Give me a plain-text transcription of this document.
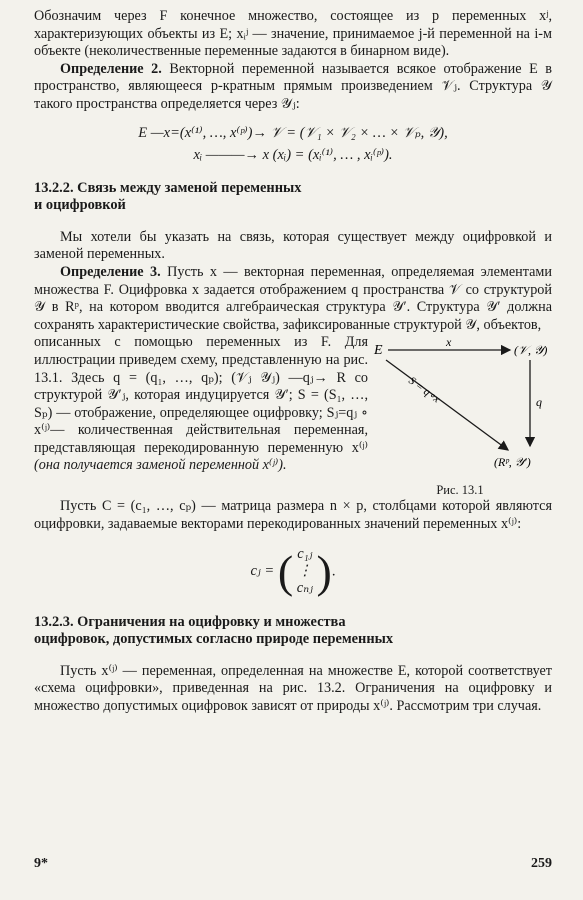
Обозначим через F конечное множество, состоящее из p переменных xʲ, характеризующих объекты из E; xᵢʲ — значение, принимаемое j-й переменной на i-м объекте (неколичественные переменные задаются в бинарном виде).

Определение 2. Векторной переменной называется всякое отображение E в пространство, являющееся p-кратным прямым произведением 𝒱ⱼ. Структура 𝒴 такого пространства определяется через 𝒴ⱼ:

E —x=(x⁽¹⁾, …, x⁽ᵖ⁾)→ 𝒱 = (𝒱₁ × 𝒱₂ × … × 𝒱ₚ, 𝒴),
xᵢ ———→ x (xᵢ) = (xᵢ⁽¹⁾, … , xᵢ⁽ᵖ⁾).

13.2.2. Связь между заменой переменных
и оцифровкой

Мы хотели бы указать на связь, которая существует между оцифровкой и заменой переменных.

Определение 3. Пусть x — векторная переменная, определяемая элементами множества F. Оцифровка x задается отображением q пространства 𝒱 со структурой 𝒴 в Rᵖ, на котором вводится алгебраическая структура 𝒴′. Структура 𝒴′ должна сохранять характеристические свойства, зафиксированные структурой 𝒴, объектов,

E
x
(𝒱, 𝒴)
q
S = q∘x
(Rᵖ, 𝒴′)
Рис. 13.1

описанных с помощью переменных из F. Для иллюстрации приведем схему, представленную на рис. 13.1. Здесь q = (q₁, …, qₚ); (𝒱ⱼ 𝒴ⱼ) —qⱼ→ R со структурой 𝒴′ⱼ, которая индуцируется 𝒴′; S = (S₁, …, Sₚ) — отображение, определяющее оцифровку; Sⱼ=qⱼ ∘ x⁽ʲ⁾— количественная действительная переменная, представляющая перекодированную переменную x⁽ʲ⁾ (она получается заменой переменной x⁽ʲ⁾).

Пусть C = (c₁, …, cₚ) — матрица размера n × p, столбцами которой являются оцифровки, задаваемые векторами перекодированных значений переменных x⁽ʲ⁾:

cⱼ = ( c₁ⱼ
⋮
cₙⱼ ).

13.2.3. Ограничения на оцифровку и множества
оцифровок, допустимых согласно природе переменных

Пусть x⁽ʲ⁾ — переменная, определенная на множестве E, которой соответствует «схема оцифровки», приведенная на рис. 13.2. Ограничения на оцифровку и множество допустимых оцифровок зависят от природы x⁽ʲ⁾. Рассмотрим три случая.

9*	259
